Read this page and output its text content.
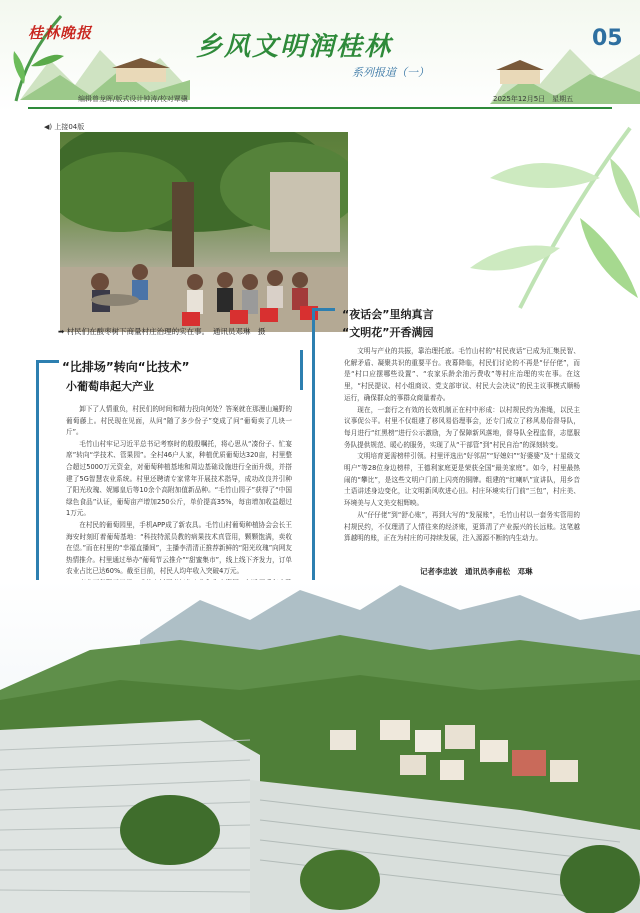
桂林晚报	乡风文明润桂林
系列报道（一）
05
编辑曾龙晖/版式设计钟涛/校对覃骥	2025年12月5日　星期五
◀) 上接04版
➡ 村民们在酸枣树下商量村庄治理的实在事。　通讯员邓琳　摄
“比排场”转向“比技术”
小葡萄串起大产业

卸下了人情重负，村民们的时间和精力投向何处？答案就在那漫山遍野的葡萄藤上。村民现在见面，从问“随了多少份子”变成了问“葡萄卖了几块一斤”。

毛竹山村牢记习近平总书记考察时的殷殷嘱托，将心思从“凑份子、忙宴席”转向“学技术、管果园”。全村46户人家，种植优质葡萄达320亩，村里整合超过5000万元资金，对葡萄种植基地和周边基础设施进行全面升级，并搭建了5G智慧农业系统。村里还聘请专家常年开展技术指导，成功改良并引种了阳光玫瑰、妮娜皇后等10余个高附加值新品种。“毛竹山园子”获得了“中国绿色食品”认证，葡萄亩产增加250公斤，单价提高35%，每亩增加收益超过1万元。

在村民的葡萄园里，手机APP成了新农具。毛竹山村葡萄种植协会会长王海安时刻盯着葡萄基地：“科技特派员教的病果技术真管用，颗颗饱满，卖收在望。”而在村里的“幸福直播间”，主播李清清正推荐新鲜的“阳光玫瑰”向网友热情推介。村里通过举办“葡萄节云推介”“甜蜜集市”，线上线下齐发力，订单农业占比已达60%。截至目前，村民人均年收入突破4万元。

“夜话会”里纳真言
“文明花”开香满园

文明与产业的共振，靠治理托底。毛竹山村的“村民夜话”已成为汇集民智、化解矛盾、凝聚共识的重要平台。夜幕降临，村民们讨论的不再是“仔仔佬”，而是“村口应摆哪些设置”、“农家乐龄余油污费收”等村庄治理的实在事。在这里，“村民提议、村小组商议、党支部审议、村民大会决议”的民主议事模式顺畅运行，确保群众的事群众商量着办。

现在，一套行之有效的长效机制正在村中形成：以村规民约为准绳，以民主议事促公平。村里不仅组建了移风易俗理事会，还专门成立了移风易俗督导队，每月进行“红黑榜”进行公示激励，为了保障新风落地，督导队全程监督，志愿服务队提供规范、暖心的服务，实现了从“干部管”到“村民自治”的深刻转变。

文明培育更需榜样引领。村里评选出“好邻居”“好媳妇”“好婆婆”及“十星级文明户”等28位身边榜样，王德利家庭更是荣获全国“最美家庭”。如今，村里最热闹的“攀比”，是这些文明户门前上闪亮的铜牌。组建的“红喇叭”宣讲队，用乡音土语讲述身边变化，让文明新风吹进心田。村庄环境实行门前“三包”，村庄美、环境美与人文美交相辉映。

从“仔仔佬”到“舒心账”，再到大写的“发展账”，毛竹山村以一套务实管用的村规民约，不仅理清了人情往来的经济账，更算清了产业振兴的长远账。这笔越算越明的账，正在为村庄的可持续发展，注入源源不断的内生动力。

记者李忠波　通讯员李甫松　邓琳
